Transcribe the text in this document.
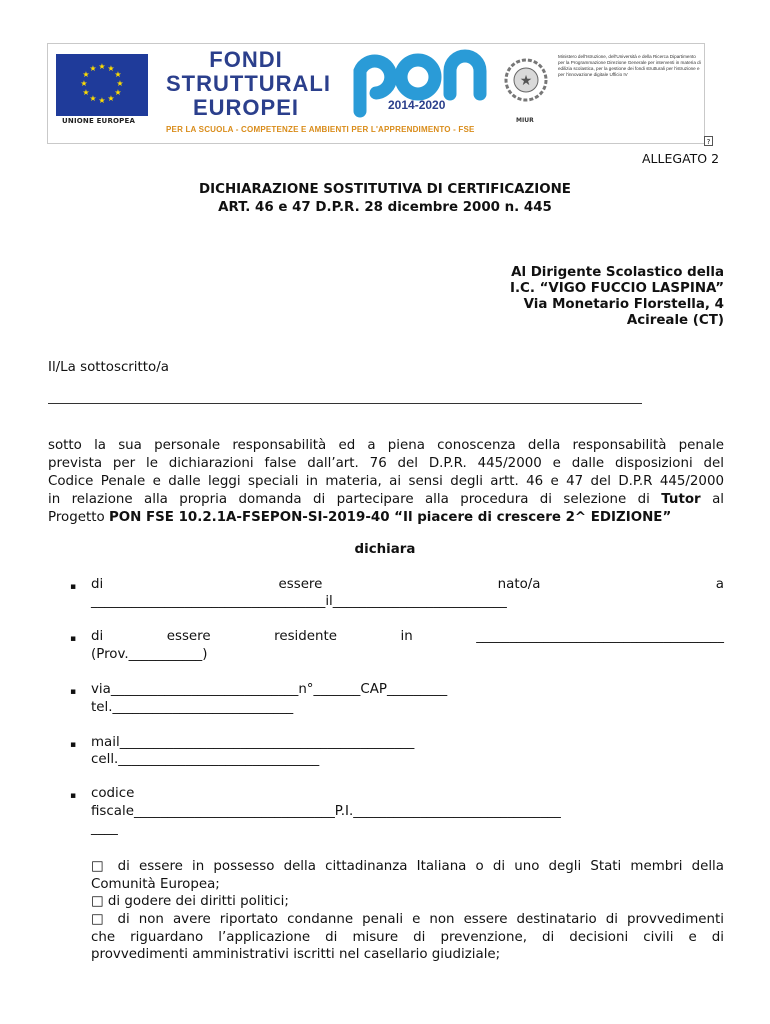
★ ★
★
★
★
★
★
★
★
★
★
★
UNIONE EUROPEA
FONDI
STRUTTURALI
EUROPEI	2014-2020
PER LA SCUOLA - COMPETENZE E AMBIENTI PER L'APPRENDIMENTO - FSE
★
MIUR
Ministero dell'Istruzione, dell'Università e della Ricerca Dipartimento per la Programmazione Direzione Generale per interventi in materia di edilizia scolastica, per la gestione dei fondi strutturali per l'istruzione e per l'innovazione digitale Ufficio IV
?
ALLEGATO 2
DICHIARAZIONE SOSTITUTIVA DI CERTIFICAZIONE
ART. 46 e 47 D.P.R. 28 dicembre 2000 n. 445
Al Dirigente Scolastico della
I.C. “VIGO FUCCIO LASPINA”
Via Monetario Florstella, 4
Acireale (CT)
Il/La sottoscritto/a
sotto la sua personale responsabilità ed a piena conoscenza della responsabilità penale
prevista per le dichiarazioni false dall’art. 76 del D.P.R. 445/2000 e dalle disposizioni del
Codice Penale e dalle leggi speciali in materia, ai sensi degli artt. 46 e 47 del D.P.R 445/2000
in relazione alla propria domanda di partecipare alla procedura di selezione di Tutor al
Progetto PON FSE 10.2.1A-FSEPON-SI-2019-40 “Il piacere di crescere 2^ EDIZIONE”
dichiara
▪ di	essere	nato/a	a
___________________________________il__________________________
▪ di	essere	residente	in	_____________________________________
(Prov.___________)
▪ via____________________________n°_______CAP_________
tel.___________________________
▪ mail____________________________________________
cell.______________________________
▪ codice
fiscale______________________________P.I._______________________________
____
□ di essere in possesso della cittadinanza Italiana o di uno degli Stati membri della
Comunità Europea;
□ di godere dei diritti politici;
□ di non avere riportato condanne penali e non essere destinatario di provvedimenti
che riguardano l’applicazione di misure di prevenzione, di decisioni civili e di
provvedimenti amministrativi iscritti nel casellario giudiziale;
